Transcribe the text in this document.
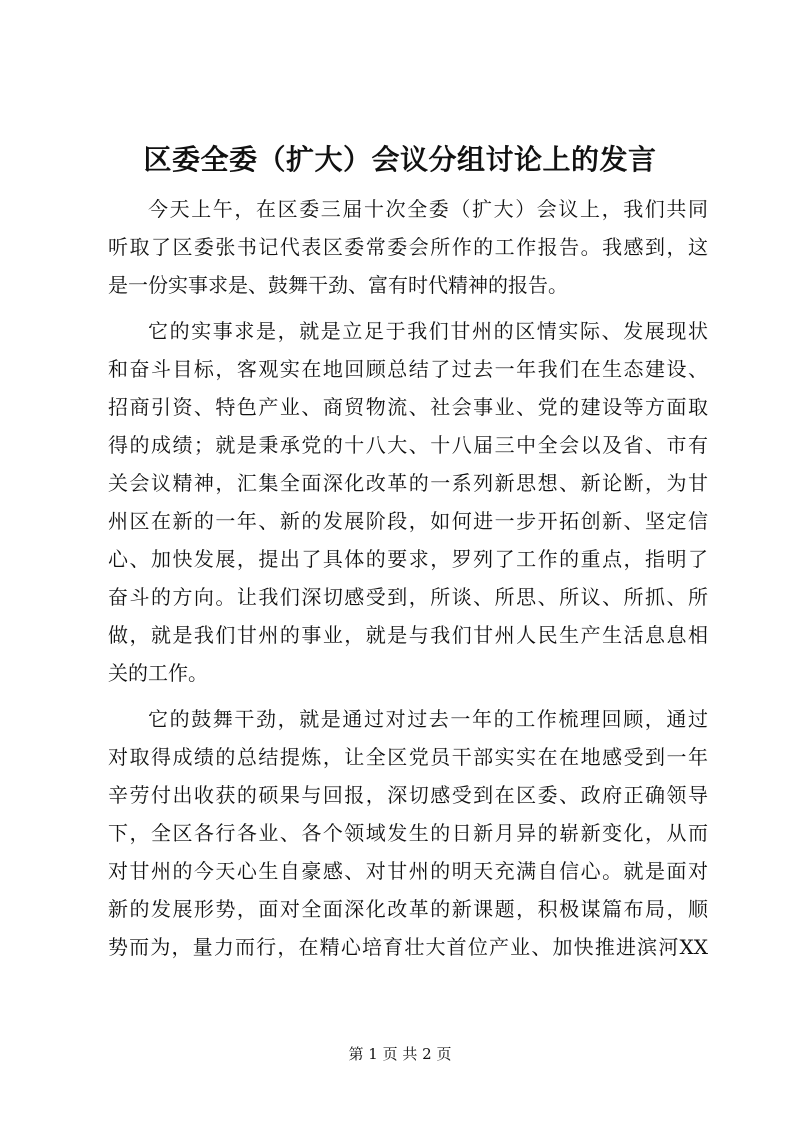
区委全委（扩大）会议分组讨论上的发言
今天上午，在区委三届十次全委（扩大）会议上，我们共同
听取了区委张书记代表区委常委会所作的工作报告。我感到，这
是一份实事求是、鼓舞干劲、富有时代精神的报告。
它的实事求是，就是立足于我们甘州的区情实际、发展现状
和奋斗目标，客观实在地回顾总结了过去一年我们在生态建设、
招商引资、特色产业、商贸物流、社会事业、党的建设等方面取
得的成绩；就是秉承党的十八大、十八届三中全会以及省、市有
关会议精神，汇集全面深化改革的一系列新思想、新论断，为甘
州区在新的一年、新的发展阶段，如何进一步开拓创新、坚定信
心、加快发展，提出了具体的要求，罗列了工作的重点，指明了
奋斗的方向。让我们深切感受到，所谈、所思、所议、所抓、所
做，就是我们甘州的事业，就是与我们甘州人民生产生活息息相
关的工作。
它的鼓舞干劲，就是通过对过去一年的工作梳理回顾，通过
对取得成绩的总结提炼，让全区党员干部实实在在地感受到一年
辛劳付出收获的硕果与回报，深切感受到在区委、政府正确领导
下，全区各行各业、各个领域发生的日新月异的崭新变化，从而
对甘州的今天心生自豪感、对甘州的明天充满自信心。就是面对
新的发展形势，面对全面深化改革的新课题，积极谋篇布局，顺
势而为，量力而行，在精心培育壮大首位产业、加快推进滨河XX
第 1 页 共 2 页
